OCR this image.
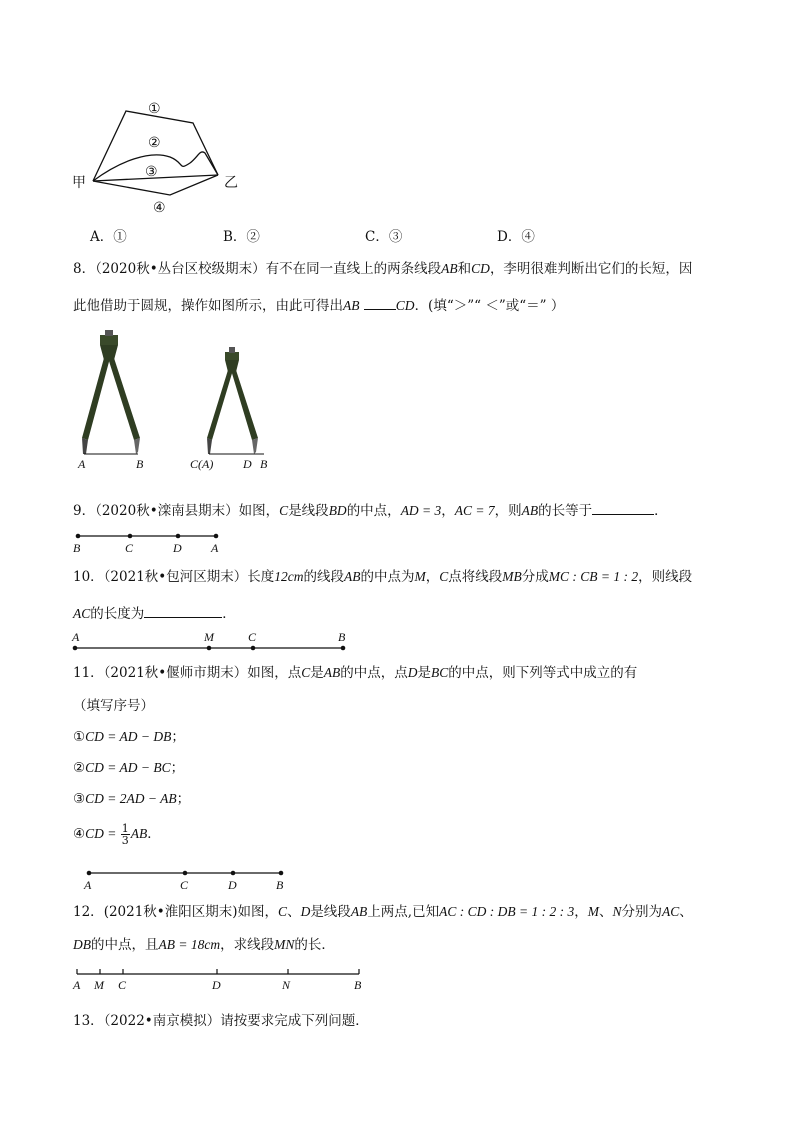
①
②
③
④
甲	乙
A．①	B．②	C．③	D．④
8．（2020秋•丛台区校级期末）有不在同一直线上的两条线段AB和CD，李明很难判断出它们的长短，因
此他借助于圆规，操作如图所示，由此可得出AB	CD．(填“＞”“ ＜”或“＝” ）
A	B	C(A) D B
9．（2020秋•滦南县期末）如图，C是线段BD的中点，AD = 3，AC = 7，则AB的长等于	．
B	C	D A
10．（2021秋•包河区期末）长度12cm的线段AB的中点为M，C点将线段MB分成MC : CB = 1 : 2，则线段
AC的长度为	．
A	M	C	B
11．（2021秋•偃师市期末）如图，点C是AB的中点，点D是BC的中点，则下列等式中成立的有
（填写序号）
①CD = AD − DB；
②CD = AD − BC；
③CD = 2AD − AB；
④CD = $\frac{1}{3}$ AB．
A	C	D	B
12．(2021秋•淮阳区期末)如图，C、D是线段AB上两点,已知AC : CD : DB = 1 : 2 : 3，M、N分别为AC、
DB的中点，且AB = 18cm，求线段MN的长．
A M C	D	N	B
13．（2022•南京模拟）请按要求完成下列问题．
